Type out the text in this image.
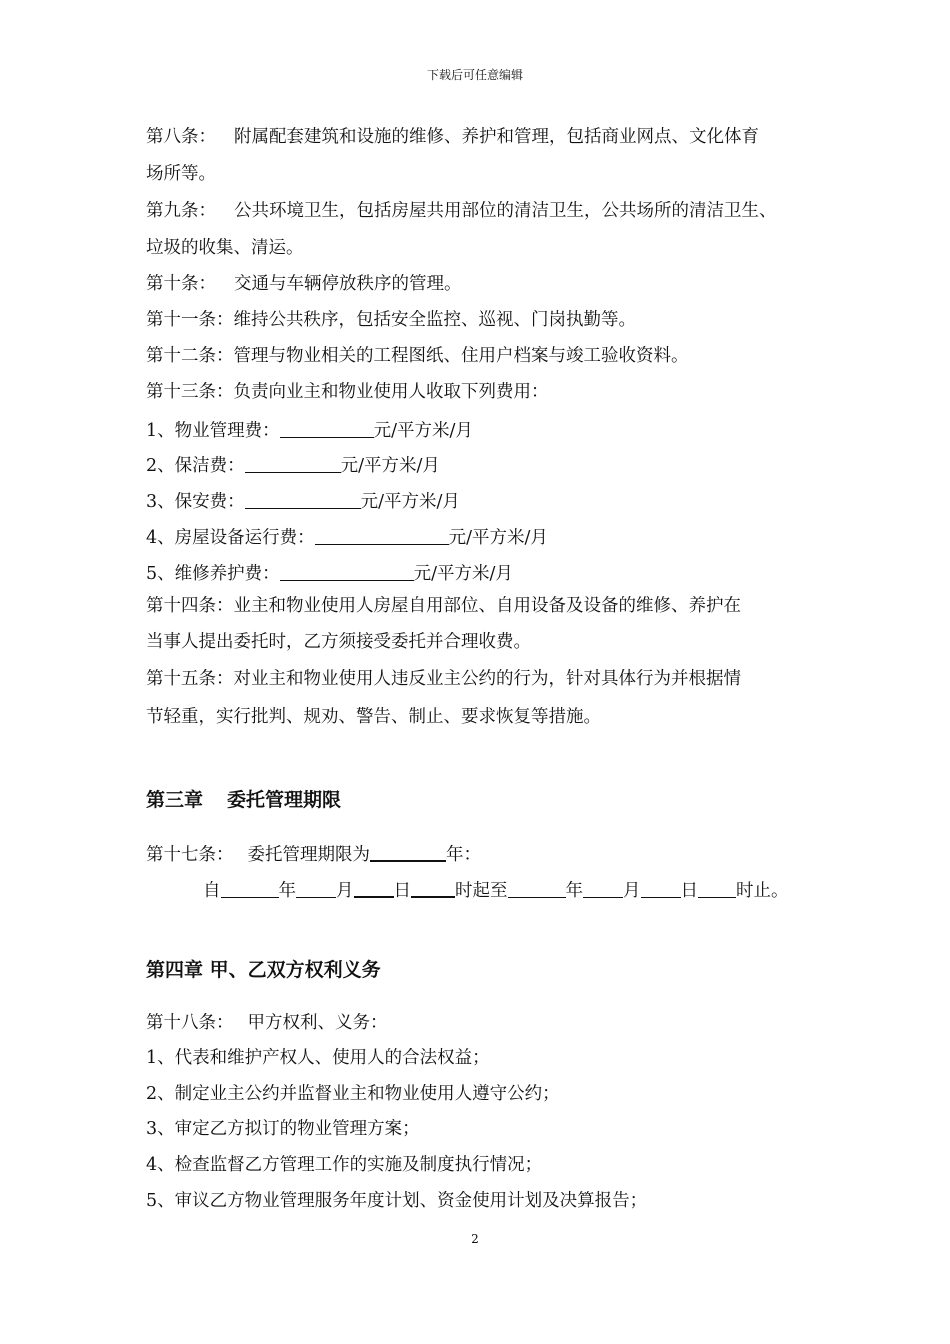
下载后可任意编辑
第八条： 附属配套建筑和设施的维修、养护和管理，包括商业网点、文化体育
场所等。
第九条： 公共环境卫生，包括房屋共用部位的清洁卫生，公共场所的清洁卫生、
垃圾的收集、清运。
第十条： 交通与车辆停放秩序的管理。
第十一条：维持公共秩序，包括安全监控、巡视、门岗执勤等。
第十二条：管理与物业相关的工程图纸、住用户档案与竣工验收资料。
第十三条：负责向业主和物业使用人收取下列费用：
1、物业管理费：	元/平方米/月
2、保洁费：	元/平方米/月
3、保安费：	元/平方米/月
4、房屋设备运行费：	元/平方米/月
5、维修养护费：	元/平方米/月
第十四条：业主和物业使用人房屋自用部位、自用设备及设备的维修、养护在
当事人提出委托时，乙方须接受委托并合理收费。
第十五条：对业主和物业使用人违反业主公约的行为，针对具体行为并根据情
节轻重，实行批判、规劝、警告、制止、要求恢复等措施。
第三章 委托管理期限
第十七条： 委托管理期限为	年：
自	年 月 日	时起至	年 月 日 时止。
第四章 甲、乙双方权利义务
第十八条： 甲方权利、义务：
1、代表和维护产权人、使用人的合法权益；
2、制定业主公约并监督业主和物业使用人遵守公约；
3、审定乙方拟订的物业管理方案；
4、检查监督乙方管理工作的实施及制度执行情况；
5、审议乙方物业管理服务年度计划、资金使用计划及决算报告；
2
